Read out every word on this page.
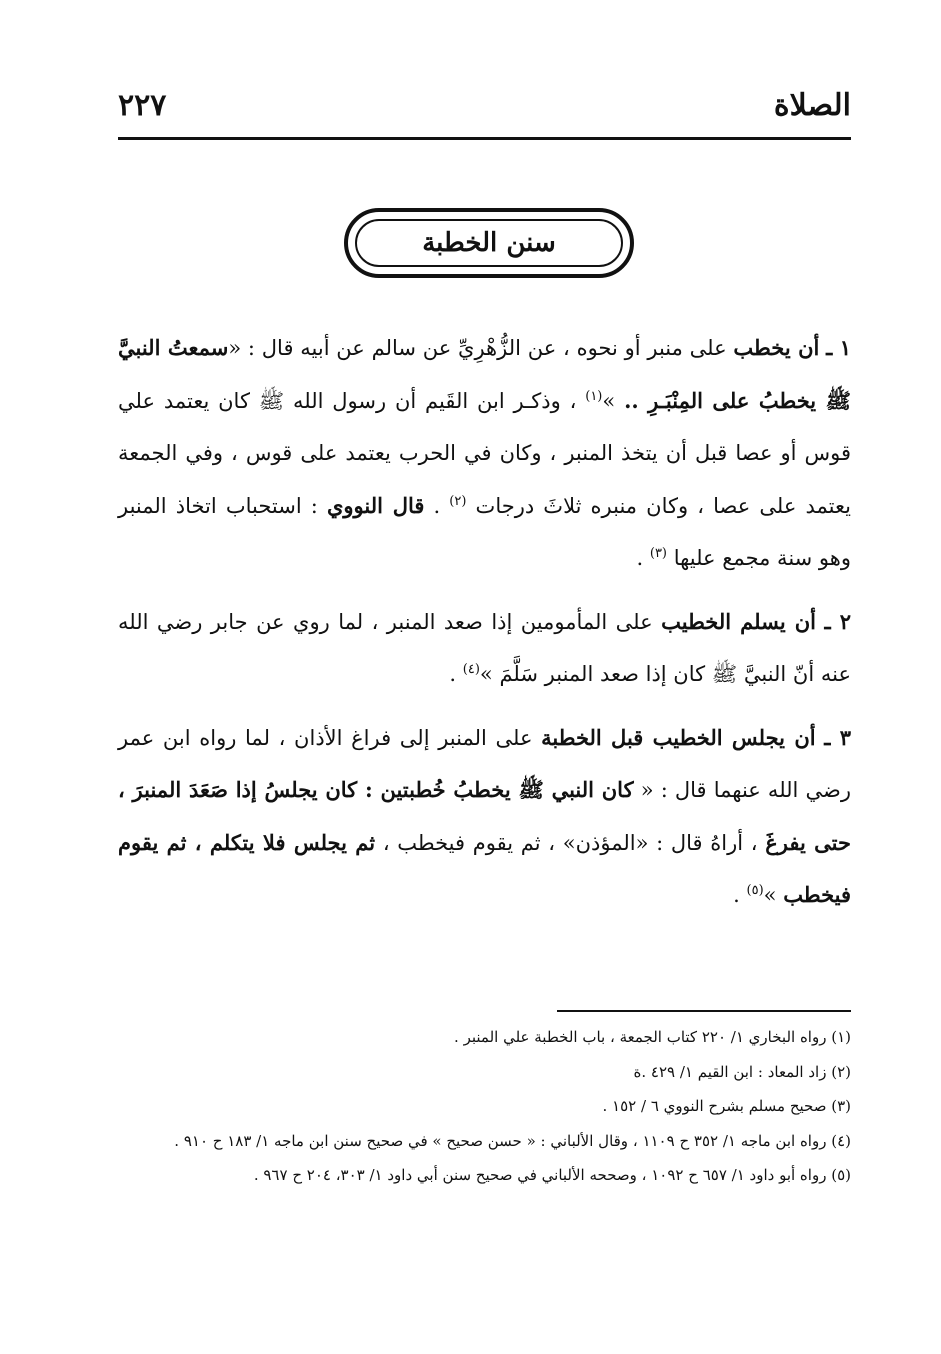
الصلاة
٢٢٧
سنن الخطبة

١ ـ أن يخطب على منبر أو نحوه ، عن الزُّهْرِيِّ عن سالم عن أبيه قال : «سمعتُ النبيَّ ﷺ يخطبُ على المِنْبَـرِ .. »$^{(١)}$ ، وذكـر ابن القَيم أن رسول الله ﷺ كان يعتمد علي قوس أو عصا قبل أن يتخذ المنبر ، وكان في الحرب يعتمد على قوس ، وفي الجمعة يعتمد على عصا ، وكان منبره ثلاثَ درجات $^{(٢)}$ . قال النووي : استحباب اتخاذ المنبر وهو سنة مجمع عليها $^{(٣)}$ .

٢ ـ أن يسلم الخطيب على المأمومين إذا صعد المنبر ، لما روي عن جابر رضي الله عنه أنّ النبيَّ ﷺ كان إذا صعد المنبر سَلَّمَ »$^{(٤)}$ .

٣ ـ أن يجلس الخطيب قبل الخطبة على المنبر إلى فراغ الأذان ، لما رواه ابن عمر رضي الله عنهما قال : « كان النبي ﷺ يخطبُ خُطبتين : كان يجلسُ إذا صَعَدَ المنبرَ ، حتى يفرغَ ، أراهُ قال : «المؤذن» ، ثم يقوم فيخطب ، ثم يجلس فلا يتكلم ، ثم يقوم فيخطب »$^{(٥)}$ .

(١) رواه البخاري ١/ ٢٢٠ كتاب الجمعة ، باب الخطبة علي المنبر .

(٢) زاد المعاد : ابن القيم ١/ ٤٢٩ .ة

(٣) صحيح مسلم بشرح النووي ٦ / ١٥٢ .

(٤) رواه ابن ماجه ١/ ٣٥٢ ح ١١٠٩ ، وقال الألباني : « حسن صحيح » في صحيح سنن ابن ماجه ١/ ١٨٣ ح ٩١٠ .

(٥) رواه أبو داود ١/ ٦٥٧ ح ١٠٩٢ ، وصححه الألباني في صحيح سنن أبي داود ١/ ٣٠٣، ٢٠٤ ح ٩٦٧ .
